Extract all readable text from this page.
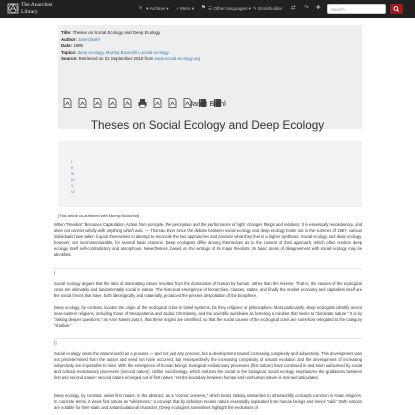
The Anarchist
Library
≡ ♥ Archive ▾ + More ▾ ⚑ ☰ Other languages ▾ ✎ Bookbuilder ⇄ ↷ ✚	Search
Title: Theses on Social Ecology and Deep Ecology
Author: Janet Biehl
Date: 1995
Topics: deep ecology, Murray Bookchin, social ecology
Source: Retrieved on 21 September 2010 from www.social-ecology.org
Janet Biehl
Theses on Social Ecology and Deep Ecology
I
II
III
IV
V
VI
[This article co-authored with Murray Bookchin]

When “Realism” Becomes Capitulation Action from principle, the perception and the performance of right, changes things and relations; it is essentially revolutionary, and does not consist wholly with anything which was. — Thoreau Ever since the debate between social ecology and deep ecology broke out in the summer of 1987, various individuals have taken it upon themselves to attempt to reconcile the two approaches and produce what they feel is a higher synthesis. Social ecology and deep ecology, however, are incommensurable, for several basic reasons. Deep ecologists differ among themselves as to the content of their approach, which often renders deep ecology itself self-contradictory and amorphous. Nevertheless, based on the writings of its major theorists, its basic areas of disagreement with social ecology may be identified.

I

Social ecology argues that the idea of dominating nature resulted from the domination of human by human, rather than the reverse. That is, the causes of the ecological crisis are ultimately and fundamentally social in nature. The historical emergence of hierarchies, classes, states, and finally the market economy and capitalism itself are the social forces that have, both ideologically and materially, produced the present despoliation of the biosphere.

Deep ecology, by contrast, locates the origin of the ecological crisis in belief-systems, be they religions or philosophies. Most particularly, deep ecologists identify recent near-eastern religions, including those of Mesopotamia and Judaic Christianity, and the scientific worldview as fostering a mindset that seeks to “dominate nature.” It is by “asking deeper questions,” as Arne Naess puts it, that these origins are identified, so that the social causes of the ecological crisis are somehow relegated to the category “shallow.”

II

Social ecology views the natural world as a process — and not just any process, but a development toward increasing complexity and subjectivity. This development was not predetermined from the outset and need not have occurred, but retrospectively the increasing complexity of natural evolution and the development of increasing subjectivity are impossible to miss. With the emergence of human beings, biological evolutionary processes (first nature) have continued in and been subsumed by social and cultural evolutionary processes (second nature). Unlike sociobiology, which reduces the social to the biological, social ecology emphasizes the gradations between first and second nature: second nature emerged out of first nature. Yet the boundary between human and nonhuman nature is real and articulated.

Deep ecology, by contrast, views first nature, in the abstract, as a “cosmic oneness,” which bears striking similarities to otherworldly concepts common in Asian religions. In concrete terms, it views first nature as “wilderness,” a concept that by definition means nature essentially separated from human beings and hence “wild.” Both notions are notable for their static and antiarticulational character. (Deep ecologists sometimes highlight the evolutions of
